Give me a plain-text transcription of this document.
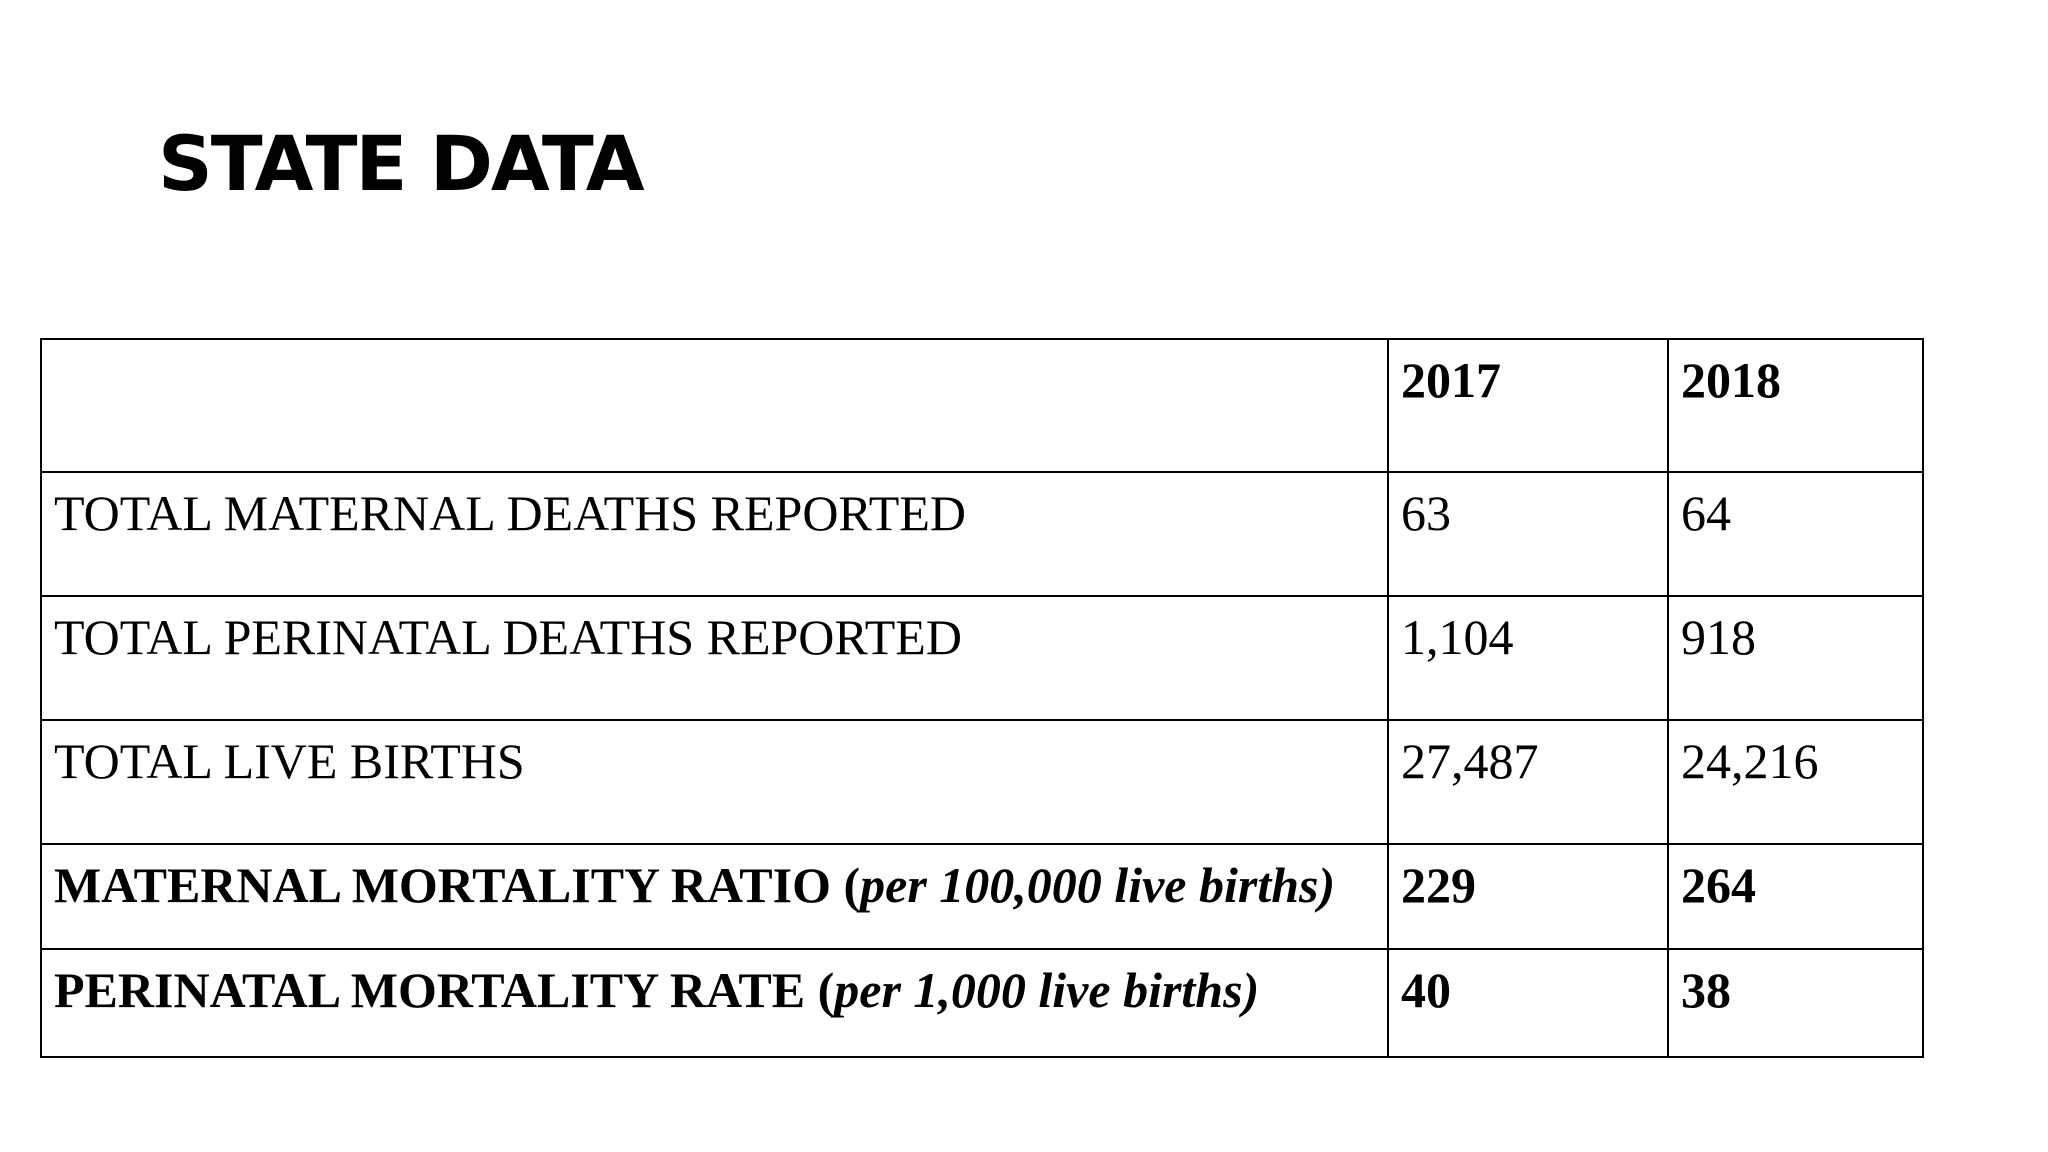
STATE DATA
	2017	2018
TOTAL MATERNAL DEATHS REPORTED	63	64
TOTAL PERINATAL DEATHS REPORTED	1,104	918
TOTAL LIVE BIRTHS	27,487	24,216
MATERNAL MORTALITY RATIO (per 100,000 live births)	229	264
PERINATAL MORTALITY RATE (per 1,000 live births)	40	38
